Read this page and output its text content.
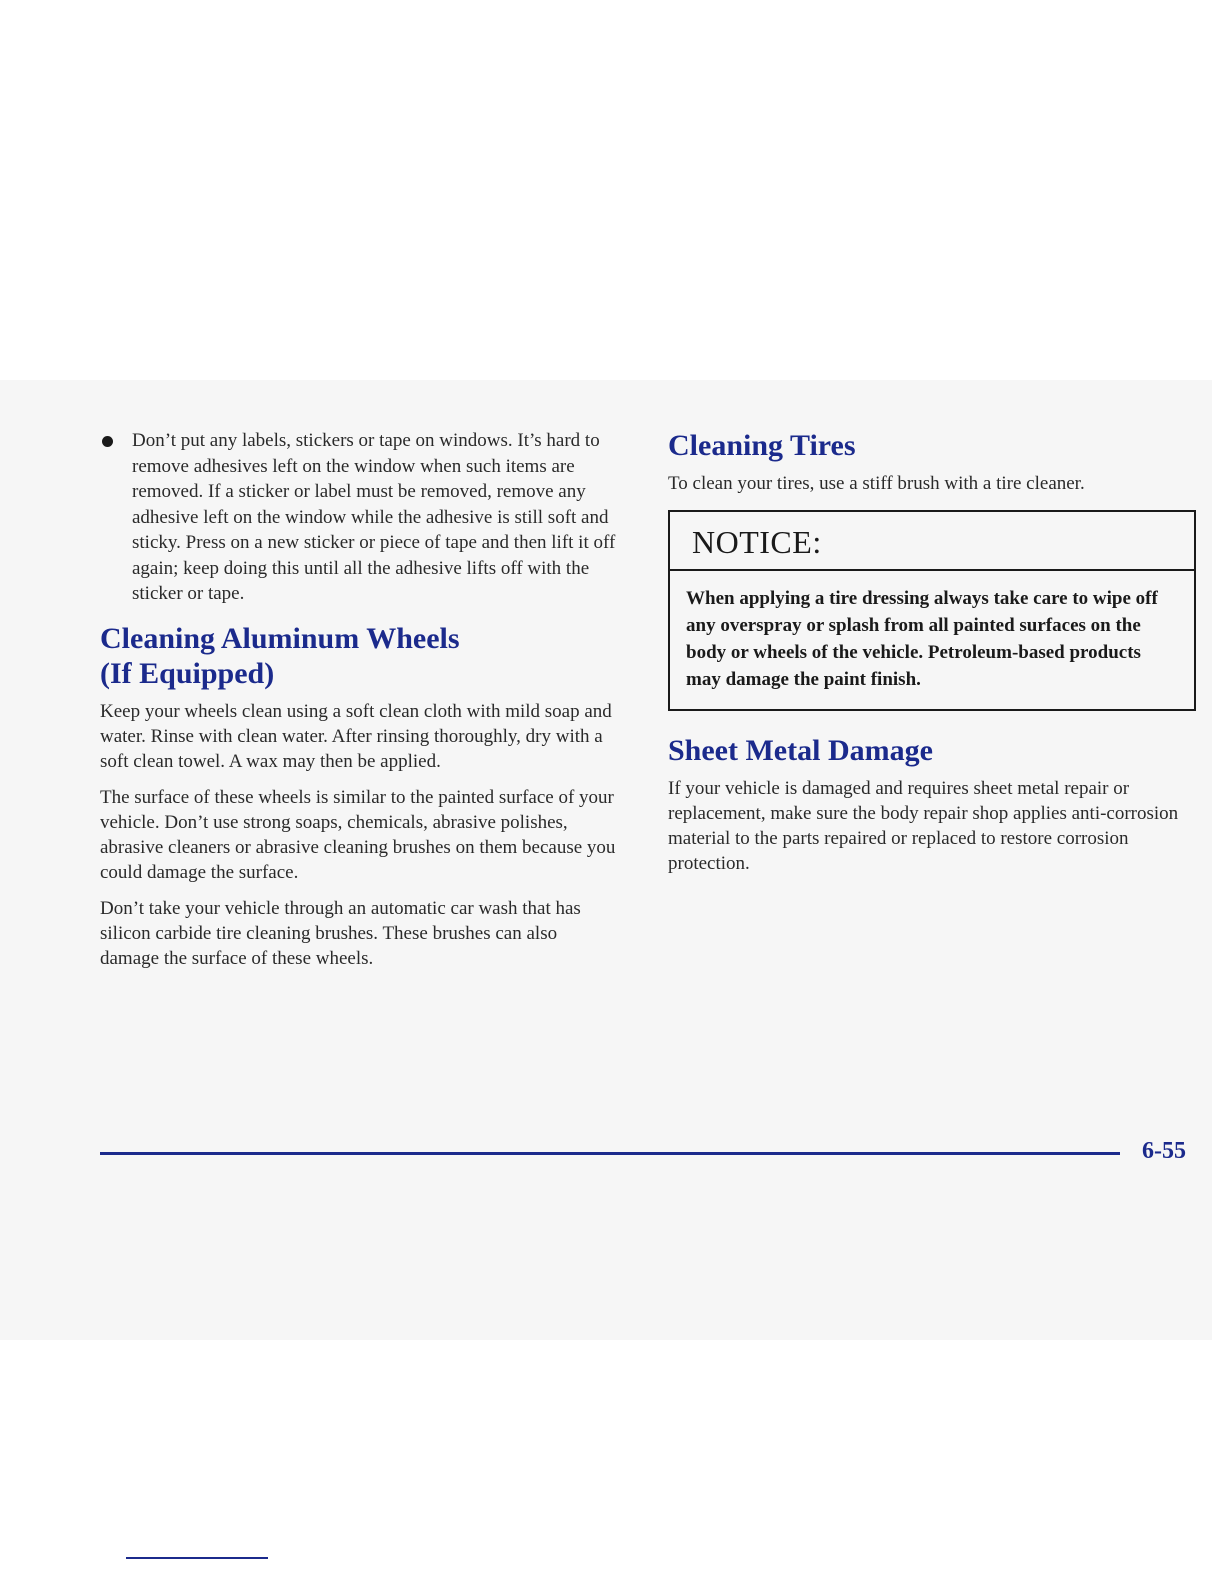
Don’t put any labels, stickers or tape on windows. It’s hard to remove adhesives left on the window when such items are removed. If a sticker or label must be removed, remove any adhesive left on the window while the adhesive is still soft and sticky. Press on a new sticker or piece of tape and then lift it off again; keep doing this until all the adhesive lifts off with the sticker or tape.
Cleaning Aluminum Wheels
(If Equipped)

Keep your wheels clean using a soft clean cloth with mild soap and water. Rinse with clean water. After rinsing thoroughly, dry with a soft clean towel. A wax may then be applied.

The surface of these wheels is similar to the painted surface of your vehicle. Don’t use strong soaps, chemicals, abrasive polishes, abrasive cleaners or abrasive cleaning brushes on them because you could damage the surface.

Don’t take your vehicle through an automatic car wash that has silicon carbide tire cleaning brushes. These brushes can also damage the surface of these wheels.

Cleaning Tires

To clean your tires, use a stiff brush with a tire cleaner.

NOTICE:
When applying a tire dressing always take care to wipe off any overspray or splash from all painted surfaces on the body or wheels of the vehicle. Petroleum-based products may damage the paint finish.
Sheet Metal Damage

If your vehicle is damaged and requires sheet metal repair or replacement, make sure the body repair shop applies anti-corrosion material to the parts repaired or replaced to restore corrosion protection.

6-55
